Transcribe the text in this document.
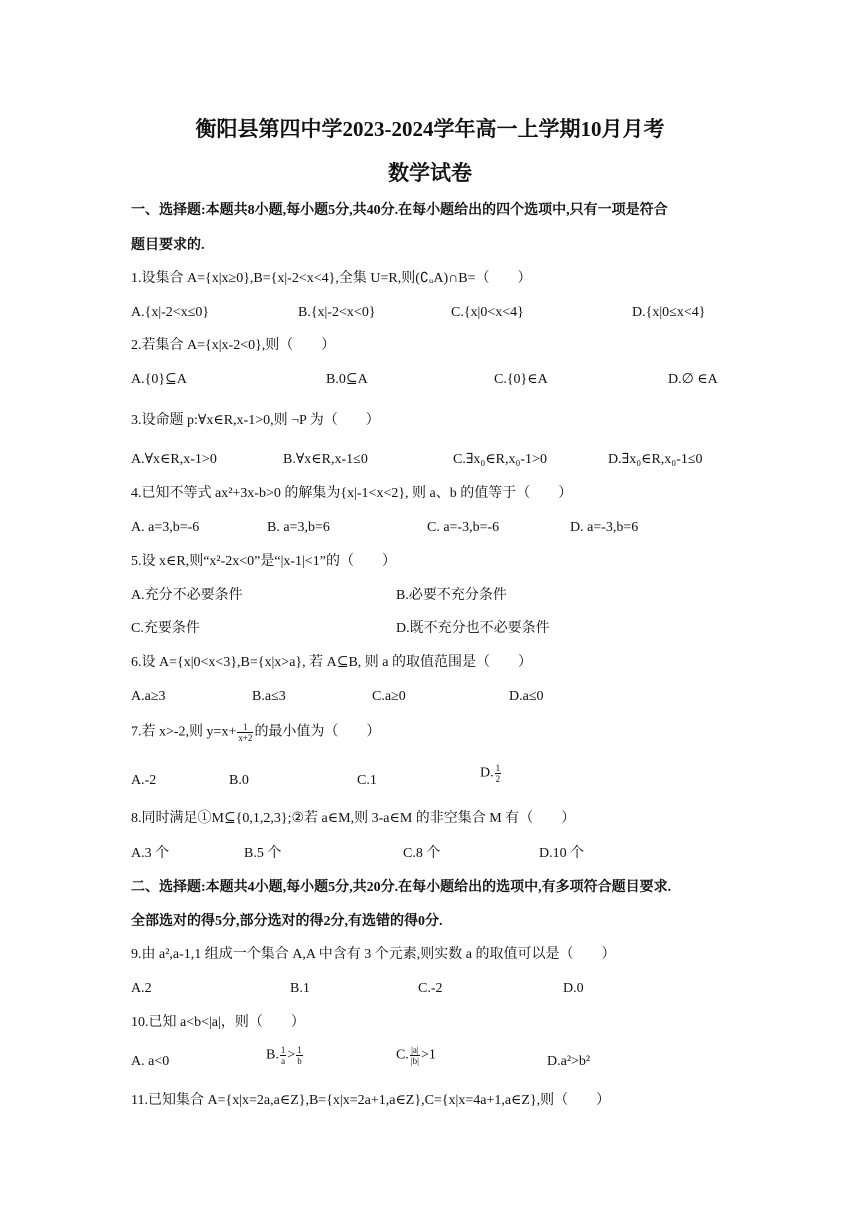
衡阳县第四中学2023-2024学年高一上学期10月月考
数学试卷
一、选择题:本题共8小题,每小题5分,共40分.在每小题给出的四个选项中,只有一项是符合
题目要求的.
1.设集合 A={x|x≥0},B={x|-2<x<4},全集 U=R,则(∁ᵤA)∩B=（　　）
A.{x|-2<x≤0}	B.{x|-2<x<0}	C.{x|0<x<4}	D.{x|0≤x<4}
2.若集合 A={x|x-2<0},则（　　）
A.{0}⊆A	B.0⊆A	C.{0}∈A	D.∅ ∈A
3.设命题 p:∀x∈R,x-1>0,则 ¬P 为（　　）
A.∀x∈R,x-1>0	B.∀x∈R,x-1≤0	C.∃x₀∈R,x₀-1>0	D.∃x₀∈R,x₀-1≤0
4.已知不等式 ax²+3x-b>0 的解集为{x|-1<x<2}, 则 a、b 的值等于（　　）
A. a=3,b=-6	B. a=3,b=6	C. a=-3,b=-6	D. a=-3,b=6
5.设 x∈R,则“x²-2x<0”是“|x-1|<1”的（　　）
A.充分不必要条件	B.必要不充分条件
C.充要条件	D.既不充分也不必要条件
6.设 A={x|0<x<3},B={x|x>a}, 若 A⊆B, 则 a 的取值范围是（　　）
A.a≥3	B.a≤3	C.a≥0	D.a≤0
7.若 x>-2,则 $y=x+ \frac{1}{x+2}$ 的最小值为（　　）
A.-2	B.0	C.1	D. $\frac{1}{2}$
8.同时满足①M⊆{0,1,2,3};②若 a∈M,则 3-a∈M 的非空集合 M 有（　　）
A.3 个	B.5 个	C.8 个	D.10 个
二、选择题:本题共4小题,每小题5分,共20分.在每小题给出的选项中,有多项符合题目要求.
全部选对的得5分,部分选对的得2分,有选错的得0分.
9.由 a²,a-1,1 组成一个集合 A,A 中含有 3 个元素,则实数 a 的取值可以是（　　）
A.2	B.1	C.-2	D.0
10.已知 a<b<|a|，则（　　）
A. a<0	B. $\frac{1}{a} > \frac{1}{b}$	C. $\frac{|a|}{|b|} >1$	D.a²>b²
11.已知集合 A={x|x=2a,a∈Z},B={x|x=2a+1,a∈Z},C={x|x=4a+1,a∈Z},则（　　）
